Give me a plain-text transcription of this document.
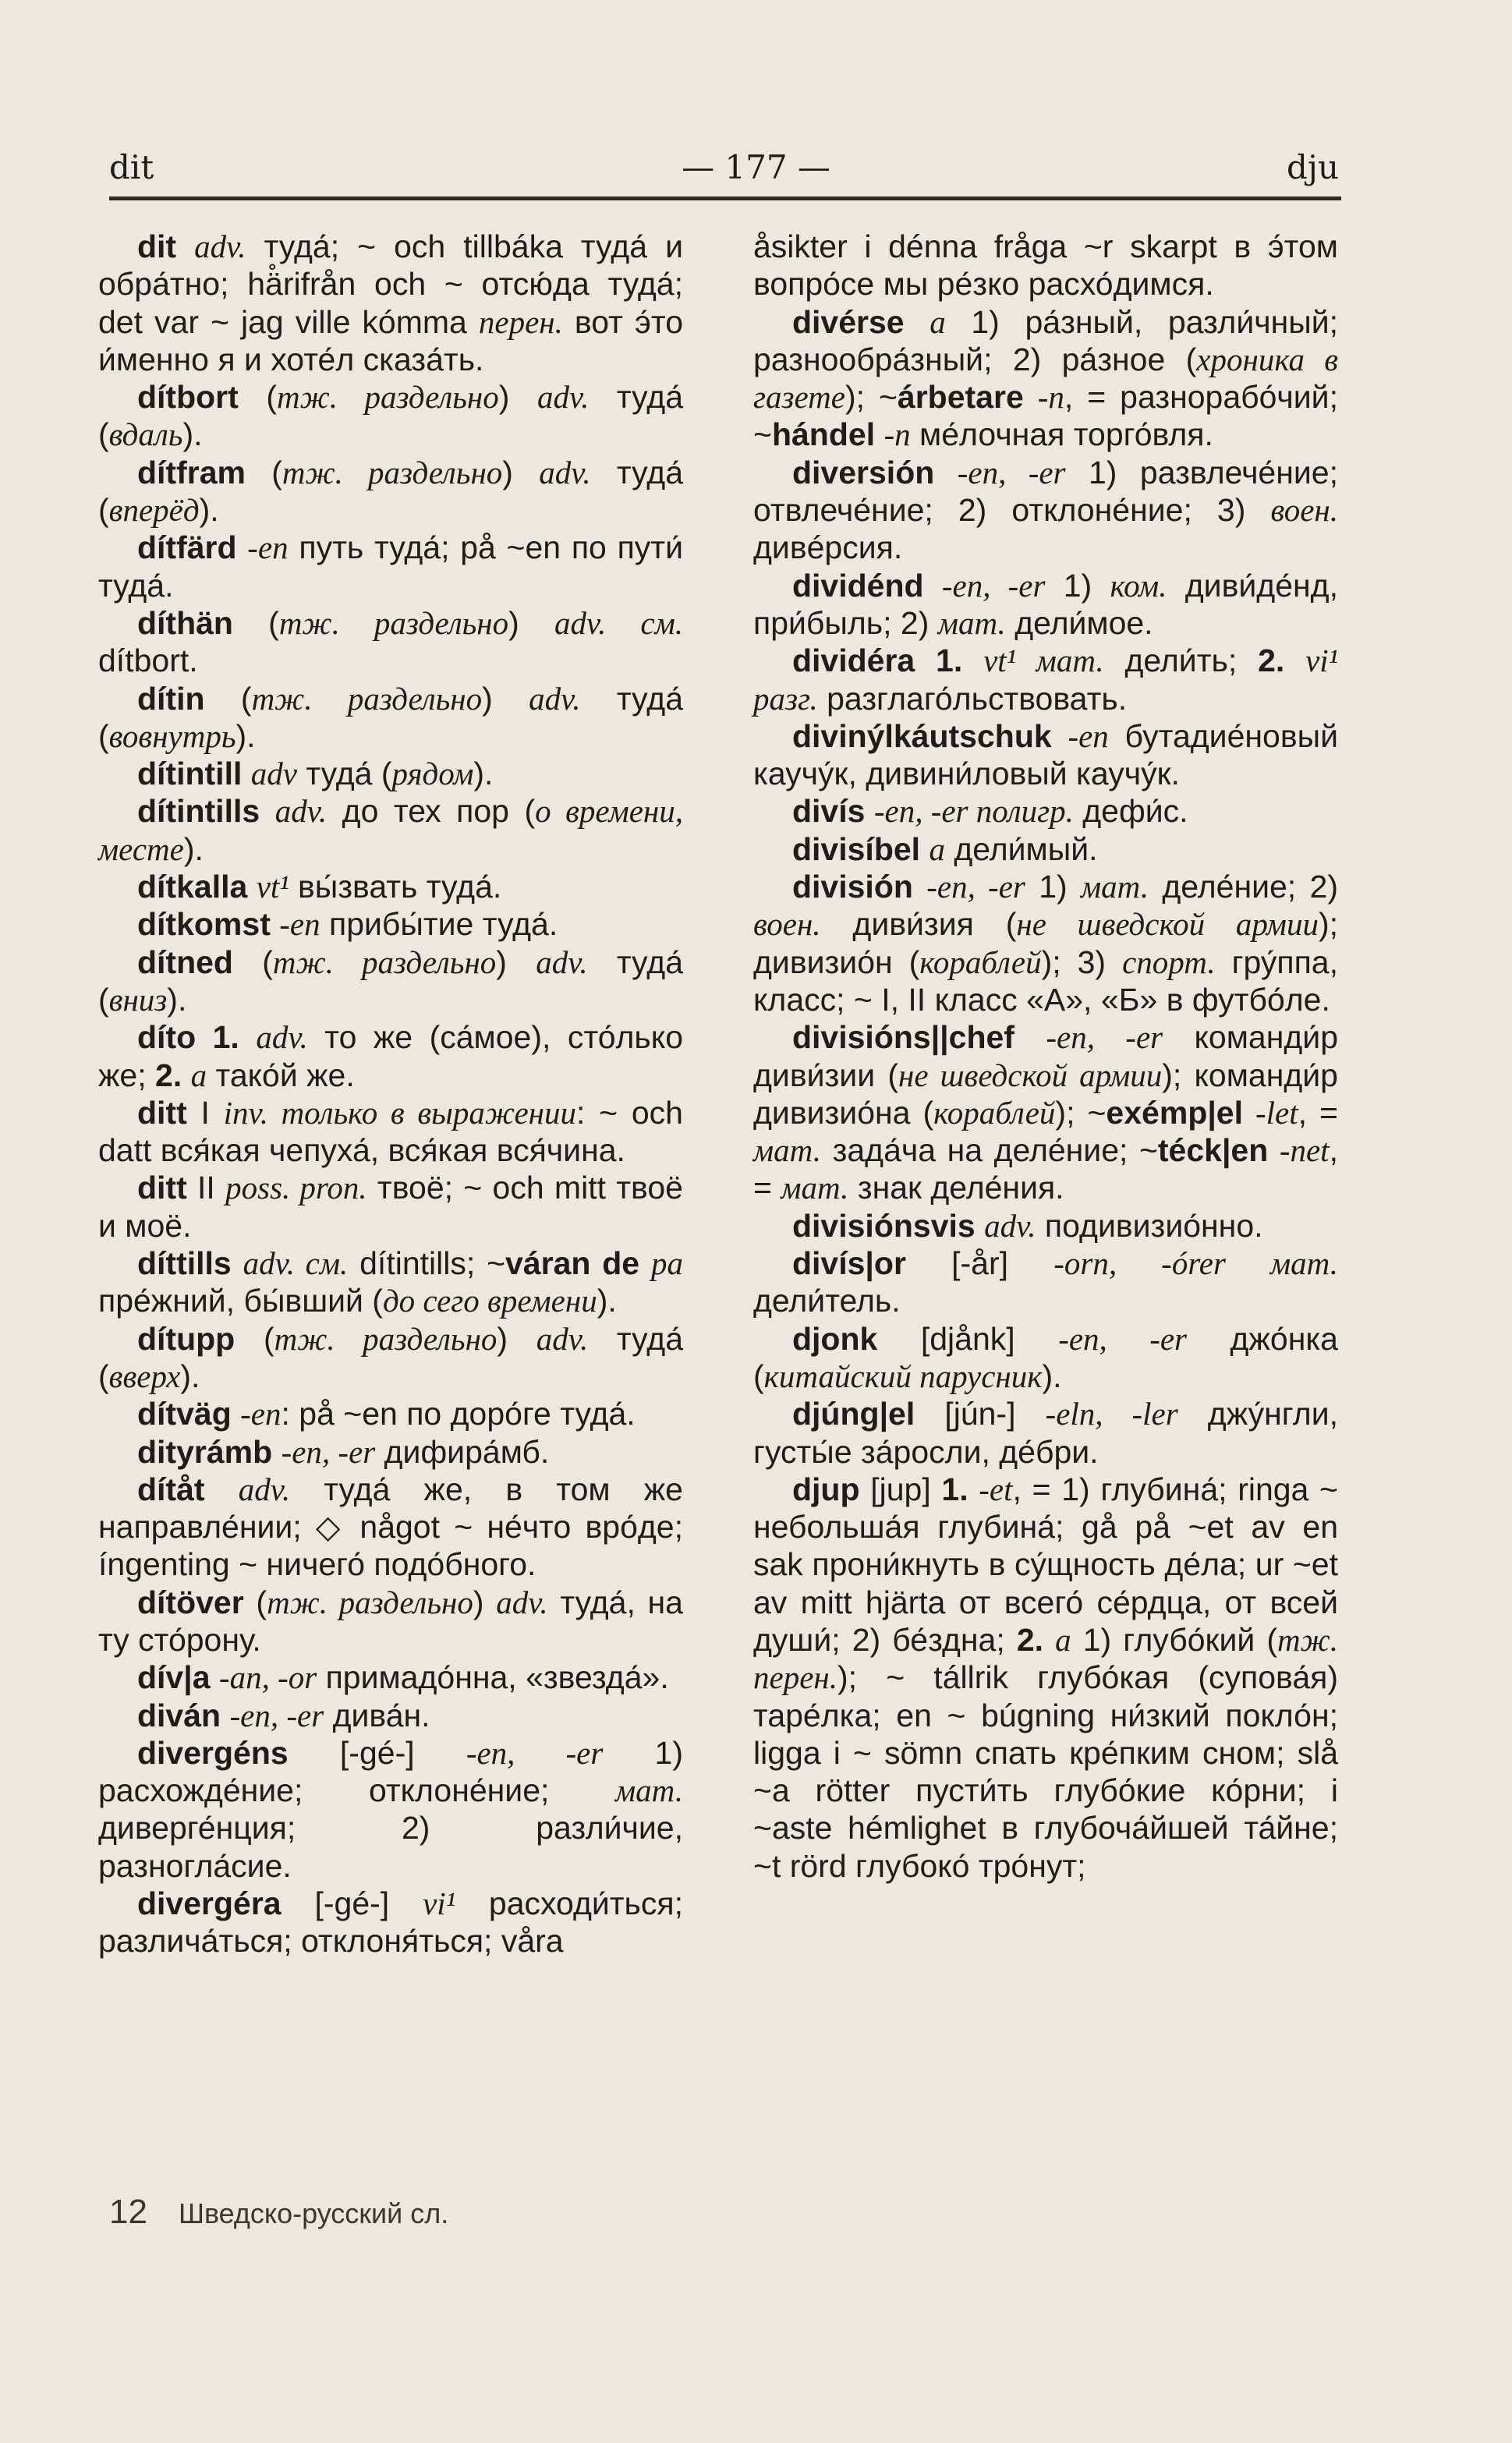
dit	— 177 —	dju

dit adv. туда́; ~ och tillbáka туда́ и обра́тно; hä̊rifrån och ~ отсю́да туда́; det var ~ jag ville kómma перен. вот э́то и́менно я и хоте́л сказа́ть.

dítbort (тж. раздельно) adv. туда́ (вдаль).

dítfram (тж. раздельно) adv. туда́ (вперёд).

dítfärd -en путь туда́; på ~en по пути́ туда́.

díthän (тж. раздельно) adv. см. dítbort.

dítin (тж. раздельно) adv. туда́ (вовнутрь).

dítintill adv туда́ (рядом).

dítintills adv. до тех пор (о времени, месте).

dítkalla vt¹ вы́звать туда́.

dítkomst -en прибы́тие туда́.

dítned (тж. раздельно) adv. туда́ (вниз).

díto 1. adv. то же (са́мое), сто́лько же; 2. a тако́й же.

ditt I inv. только в выражении: ~ och datt вся́кая чепуха́, вся́кая вся́чина.

ditt II poss. pron. твоё; ~ och mitt твоё и моё.

díttills adv. см. dítintills; ~váran de pa пре́жний, бы́вший (до сего времени).

dítupp (тж. раздельно) adv. туда́ (вверх).

dítväg -en: på ~en по доро́ге туда́.

dityrámb -en, -er дифира́мб.

dítåt adv. туда́ же, в том же направле́нии; ◇ något ~ не́что вро́де; íngenting ~ ничего́ подо́бного.

dítöver (тж. раздельно) adv. туда́, на ту сто́рону.

dív|a -an, -or примадо́нна, «звезда́».

diván -en, -er дива́н.

divergéns [-gé-] -en, -er 1) расхожде́ние; отклоне́ние; мат. диверге́нция; 2) разли́чие, разногла́сие.

divergéra [-gé-] vi¹ расходи́ться; различа́ться; отклоня́ться; våra

åsikter i dénna fråga ~r skarpt в э́том вопро́се мы ре́зко расхо́димся.

divérse a 1) ра́зный, разли́чный; разнообра́зный; 2) ра́зное (хроника в газете); ~árbetare -n, = разнорабо́чий; ~hándel -n ме́лочная торго́вля.

diversión -en, -er 1) развлече́ние; отвлече́ние; 2) отклоне́ние; 3) воен. дивéрсия.

dividénd -en, -er 1) ком. диви́де́нд, при́быль; 2) мат. дели́мое.

dividéra 1. vt¹ мат. дели́ть; 2. vi¹ разг. разглаго́льствовать.

divinýlkáutschuk -en бутадие́новый каучу́к, дивини́ловый каучу́к.

divís -en, -er полигр. дефи́с.

divisíbel a дели́мый.

división -en, -er 1) мат. деле́ние; 2) воен. диви́зия (не шведской армии); дивизио́н (кораблей); 3) спорт. гру́ппа, класс; ~ I, II класс «А», «Б» в футбо́ле.

divisións||chef -en, -er команди́р диви́зии (не шведской армии); команди́р дивизио́на (кораблей); ~exémp|el -let, = мат. зада́ча на деле́ние; ~téck|en -net, = мат. знак деле́ния.

divisiónsvis adv. подивизио́нно.

divís|or [-år] -orn, -órer мат. дели́тель.

djonk [djånk] -en, -er джо́нка (китайский парусник).

djúng|el [jún-] -eln, -ler джу́нгли, густы́е за́росли, де́бри.

djup [jup] 1. -et, = 1) глубина́; ringa ~ небольша́я глубина́; gå på ~et av en sak прони́кнуть в су́щность де́ла; ur ~et av mitt hjärta от всего́ се́рдца, от всей души́; 2) бе́здна; 2. a 1) глубо́кий (тж. перен.); ~ tállrik глубо́кая (супова́я) таре́лка; en ~ búgning ни́зкий покло́н; ligga i ~ sömn спать кре́пким сном; slå ~a rötter пусти́ть глубо́кие ко́рни; i ~aste hémlighet в глубоча́йшей та́йне; ~t rörd глубоко́ тро́нут;

12 Шведско-русский сл.
